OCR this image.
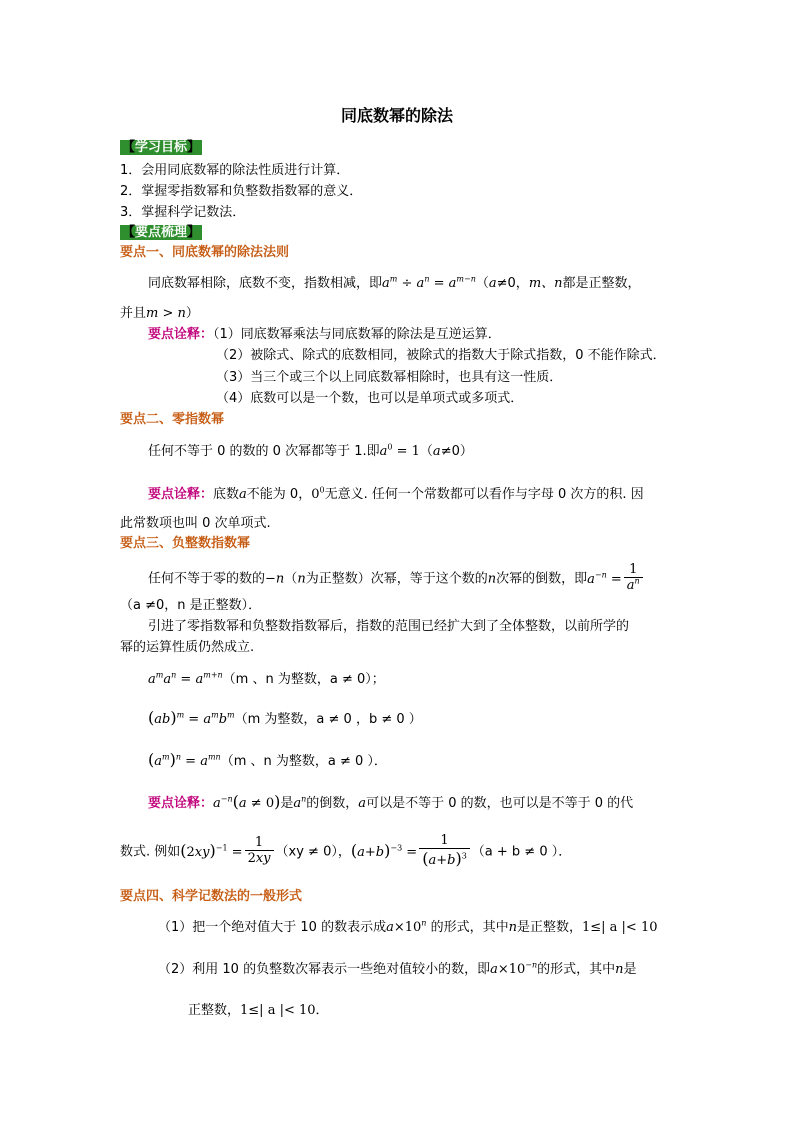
同底数幂的除法
【学习目标】
1．会用同底数幂的除法性质进行计算．
2．掌握零指数幂和负整数指数幂的意义．
3．掌握科学记数法．
【要点梳理】
要点一、同底数幂的除法法则
同底数幂相除，底数不变，指数相减，即$a^m \div a^n = a^{m-n}(a\ne 0$，m、n都是正整数，
并且m > n）
要点诠释：（1）同底数幂乘法与同底数幂的除法是互逆运算．
（2）被除式、除式的底数相同，被除式的指数大于除式指数，0 不能作除式．
（3）当三个或三个以上同底数幂相除时，也具有这一性质．
（4）底数可以是一个数，也可以是单项式或多项式．
要点二、零指数幂
任何不等于 0 的数的 0 次幂都等于 1.即$a^0 = 1(a\ne 0)$
要点诠释：底数a不能为 0，$0^0$无意义. 任何一个常数都可以看作与字母 0 次方的积. 因
此常数项也叫 0 次单项式.
要点三、负整数指数幂
任何不等于零的数的−n（n为正整数）次幂，等于这个数的n次幂的倒数，即$a^{-n} = \frac{1}{a^n}$
（a ≠0，n 是正整数）．
引进了零指数幂和负整数指数幂后，指数的范围已经扩大到了全体整数，以前所学的
幂的运算性质仍然成立.
$a^ma^n = a^{m+n}(m$ 、n 为整数，a ≠ 0）；
$(ab)^m = a^mb^m(m$ 为整数，a ≠ 0 ，b ≠ 0 ）
$(a^m)^n = a^{mn}(m$ 、n 为整数，a ≠ 0 ）．
要点诠释：$a^{-n}(a \ne 0)$是$a^n$的倒数，a可以是不等于 0 的数，也可以是不等于 0 的代
数式. 例如$(2xy)^{-1} = \frac{1}{2xy} (xy \ne 0)$，$(a+b)^{-3} = \frac{1}{(a+b)^3} (a + b \ne 0$ ）．
要点四、科学记数法的一般形式
（1）把一个绝对值大于 10 的数表示成$a\times 10^n$ 的形式，其中n是正整数，1≤| a |< 10
（2）利用 10 的负整数次幂表示一些绝对值较小的数，即$a\times 10^{-n}$的形式，其中n是
正整数，1≤| a |< 10．
